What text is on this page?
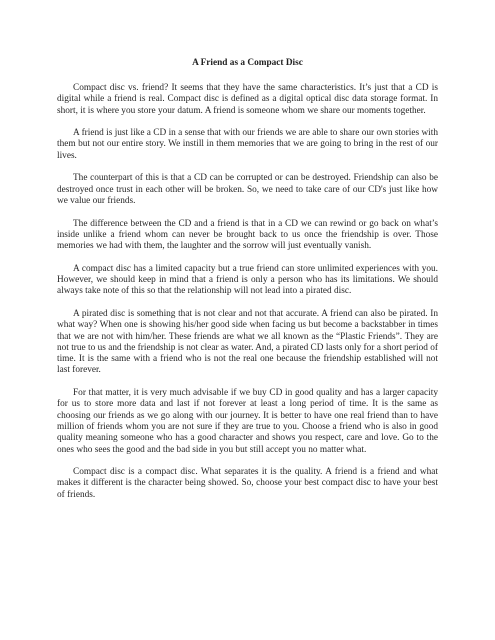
A Friend as a Compact Disc

Compact disc vs. friend? It seems that they have the same characteristics. It’s just that a CD is digital while a friend is real. Compact disc is defined as a digital optical disc data storage format. In short, it is where you store your datum. A friend is someone whom we share our moments together.

A friend is just like a CD in a sense that with our friends we are able to share our own stories with them but not our entire story. We instill in them memories that we are going to bring in the rest of our lives.

The counterpart of this is that a CD can be corrupted or can be destroyed. Friendship can also be destroyed once trust in each other will be broken. So, we need to take care of our CD's just like how we value our friends.

The difference between the CD and a friend is that in a CD we can rewind or go back on what’s inside unlike a friend whom can never be brought back to us once the friendship is over. Those memories we had with them, the laughter and the sorrow will just eventually vanish.

A compact disc has a limited capacity but a true friend can store unlimited experiences with you. However, we should keep in mind that a friend is only a person who has its limitations. We should always take note of this so that the relationship will not lead into a pirated disc.

A pirated disc is something that is not clear and not that accurate. A friend can also be pirated. In what way? When one is showing his/her good side when facing us but become a backstabber in times that we are not with him/her. These friends are what we all known as the “Plastic Friends”. They are not true to us and the friendship is not clear as water. And, a pirated CD lasts only for a short period of time. It is the same with a friend who is not the real one because the friendship established will not last forever.

For that matter, it is very much advisable if we buy CD in good quality and has a larger capacity for us to store more data and last if not forever at least a long period of time. It is the same as choosing our friends as we go along with our journey. It is better to have one real friend than to have million of friends whom you are not sure if they are true to you. Choose a friend who is also in good quality meaning someone who has a good character and shows you respect, care and love. Go to the ones who sees the good and the bad side in you but still accept you no matter what.

Compact disc is a compact disc. What separates it is the quality. A friend is a friend and what makes it different is the character being showed. So, choose your best compact disc to have your best of friends.
